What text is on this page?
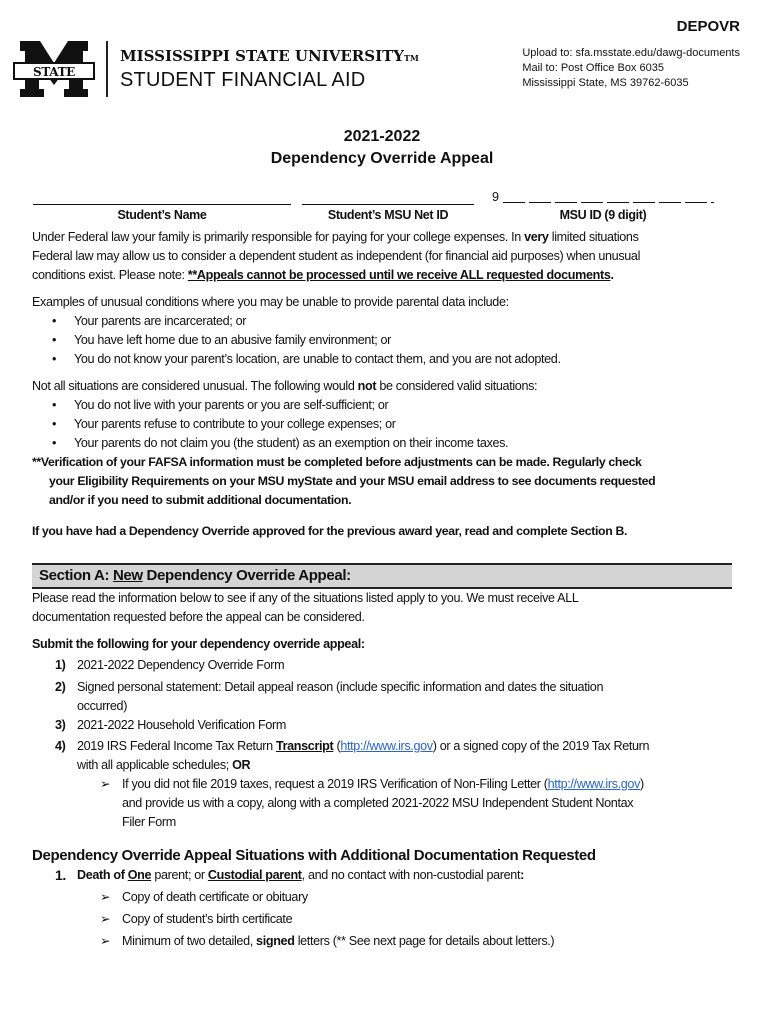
DEPOVR
STATE
MISSISSIPPI STATE UNIVERSITYTM
STUDENT FINANCIAL AID
Upload to: sfa.msstate.edu/dawg-documents
Mail to: Post Office Box 6035
Mississippi State, MS 39762-6035
2021-2022
Dependency Override Appeal
Student’s Name	Student’s MSU Net ID
9
MSU ID (9 digit)

Under Federal law your family is primarily responsible for paying for your college expenses. In very limited situations

Federal law may allow us to consider a dependent student as independent (for financial aid purposes) when unusual

conditions exist. Please note: **Appeals cannot be processed until we receive ALL requested documents.

Examples of unusual conditions where you may be unable to provide parental data include:

•	Your parents are incarcerated; or
•	You have left home due to an abusive family environment; or
•	You do not know your parent’s location, are unable to contact them, and you are not adopted.

Not all situations are considered unusual. The following would not be considered valid situations:

•	You do not live with your parents or you are self-sufficient; or
•	Your parents refuse to contribute to your college expenses; or
•	Your parents do not claim you (the student) as an exemption on their income taxes.
**Verification of your FAFSA information must be completed before adjustments can be made. Regularly check
your Eligibility Requirements on your MSU myState and your MSU email address to see documents requested
and/or if you need to submit additional documentation.

If you have had a Dependency Override approved for the previous award year, read and complete Section B.

Section A: New Dependency Override Appeal:

Please read the information below to see if any of the situations listed apply to you. We must receive ALL

documentation requested before the appeal can be considered.

Submit the following for your dependency override appeal:

1) 2021-2022 Dependency Override Form
2) Signed personal statement: Detail appeal reason (include specific information and dates the situation
occurred)
3) 2021-2022 Household Verification Form
4) 2019 IRS Federal Income Tax Return Transcript (http://www.irs.gov) or a signed copy of the 2019 Tax Return
with all applicable schedules; OR
➢ If you did not file 2019 taxes, request a 2019 IRS Verification of Non-Filing Letter (http://www.irs.gov)
and provide us with a copy, along with a completed 2021-2022 MSU Independent Student Nontax
Filer Form
Dependency Override Appeal Situations with Additional Documentation Requested
1. Death of One parent; or Custodial parent, and no contact with non-custodial parent:
➢ Copy of death certificate or obituary
➢ Copy of student’s birth certificate
➢ Minimum of two detailed, signed letters (** See next page for details about letters.)
